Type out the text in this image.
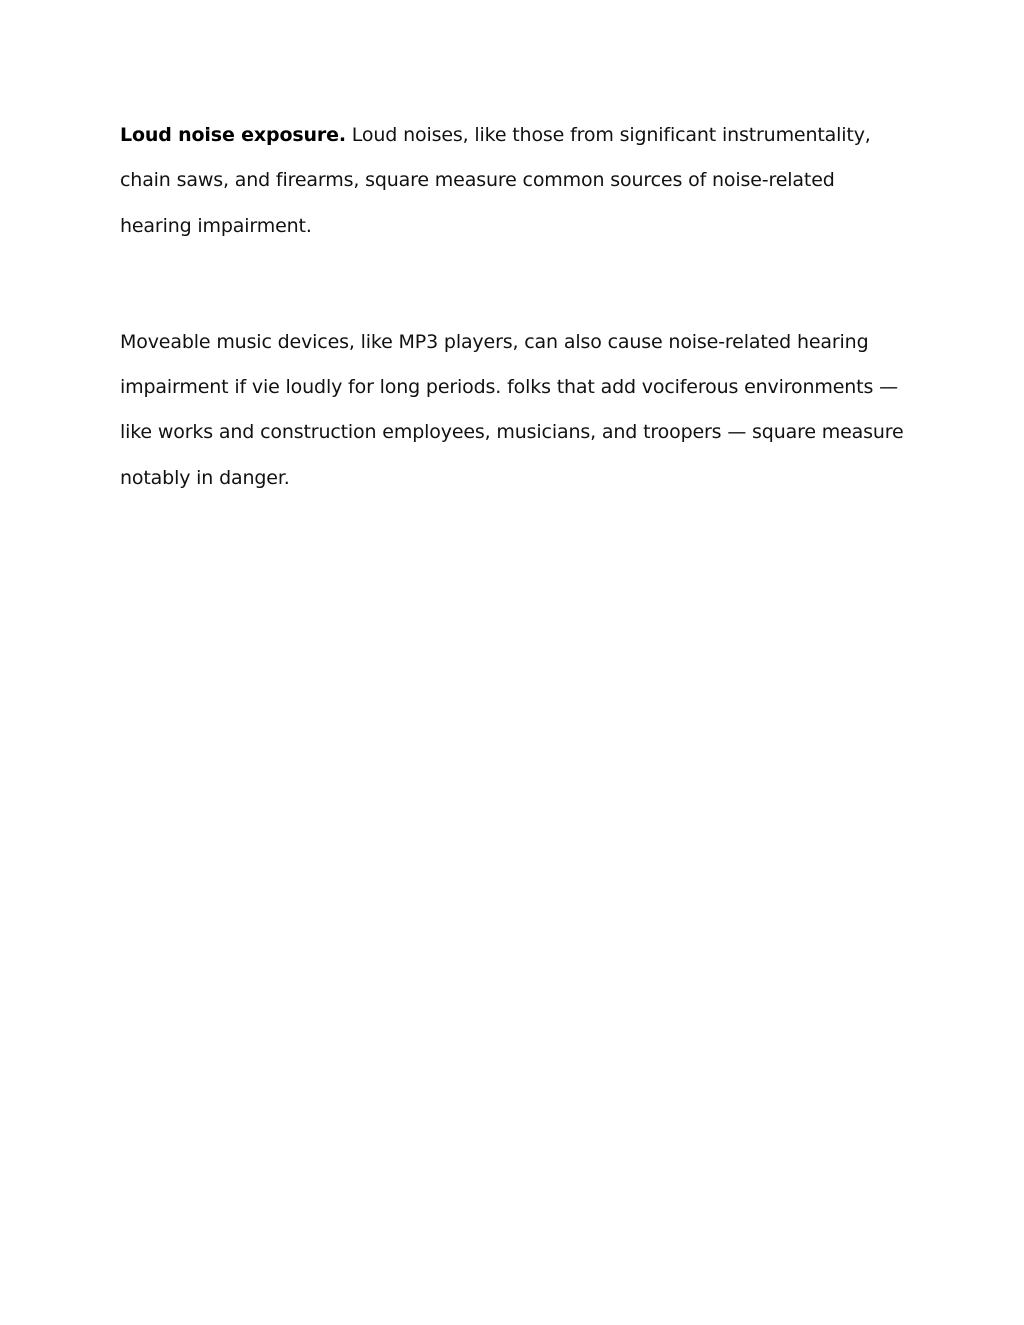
Loud noise exposure. Loud noises, like those from significant instrumentality, chain saws, and firearms, square measure common sources of noise-related hearing impairment.

Moveable music devices, like MP3 players, can also cause noise-related hearing impairment if vie loudly for long periods. folks that add vociferous environments — like works and construction employees, musicians, and troopers — square measure notably in danger.
